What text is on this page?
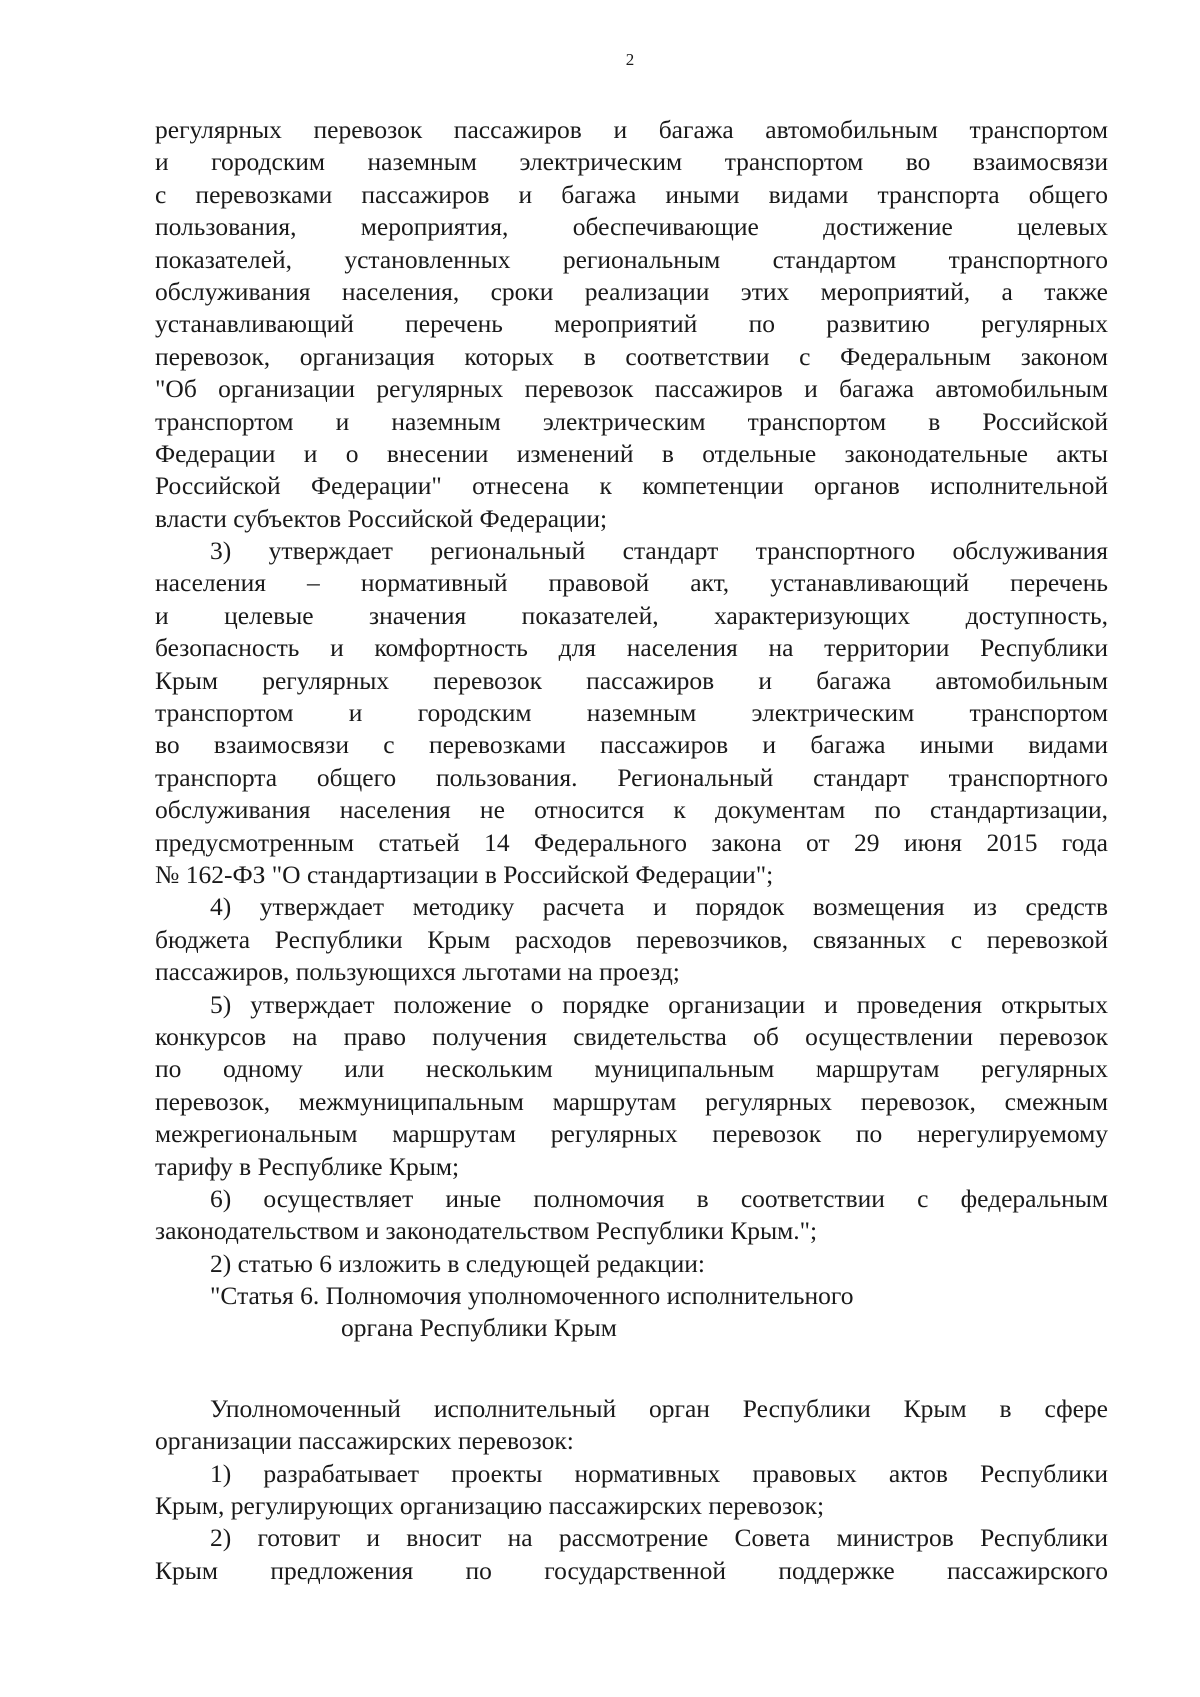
2
регулярных перевозок пассажиров и багажа автомобильным транспортом
и городским наземным электрическим транспортом во взаимосвязи
с перевозками пассажиров и багажа иными видами транспорта общего
пользования, мероприятия, обеспечивающие достижение целевых
показателей, установленных региональным стандартом транспортного
обслуживания населения, сроки реализации этих мероприятий, а также
устанавливающий перечень мероприятий по развитию регулярных
перевозок, организация которых в соответствии с Федеральным законом
"Об организации регулярных перевозок пассажиров и багажа автомобильным
транспортом и наземным электрическим транспортом в Российской
Федерации и о внесении изменений в отдельные законодательные акты
Российской Федерации" отнесена к компетенции органов исполнительной
власти субъектов Российской Федерации;
3) утверждает региональный стандарт транспортного обслуживания
населения – нормативный правовой акт, устанавливающий перечень
и целевые значения показателей, характеризующих доступность,
безопасность и комфортность для населения на территории Республики
Крым регулярных перевозок пассажиров и багажа автомобильным
транспортом и городским наземным электрическим транспортом
во взаимосвязи с перевозками пассажиров и багажа иными видами
транспорта общего пользования. Региональный стандарт транспортного
обслуживания населения не относится к документам по стандартизации,
предусмотренным статьей 14 Федерального закона от 29 июня 2015 года
№ 162-ФЗ "О стандартизации в Российской Федерации";
4) утверждает методику расчета и порядок возмещения из средств
бюджета Республики Крым расходов перевозчиков, связанных с перевозкой
пассажиров, пользующихся льготами на проезд;
5) утверждает положение о порядке организации и проведения открытых
конкурсов на право получения свидетельства об осуществлении перевозок
по одному или нескольким муниципальным маршрутам регулярных
перевозок, межмуниципальным маршрутам регулярных перевозок, смежным
межрегиональным маршрутам регулярных перевозок по нерегулируемому
тарифу в Республике Крым;
6) осуществляет иные полномочия в соответствии с федеральным
законодательством и законодательством Республики Крым.";
2) статью 6 изложить в следующей редакции:
"Статья 6. Полномочия уполномоченного исполнительного
органа Республики Крым
Уполномоченный исполнительный орган Республики Крым в сфере
организации пассажирских перевозок:
1) разрабатывает проекты нормативных правовых актов Республики
Крым, регулирующих организацию пассажирских перевозок;
2) готовит и вносит на рассмотрение Совета министров Республики
Крым предложения по государственной поддержке пассажирского
